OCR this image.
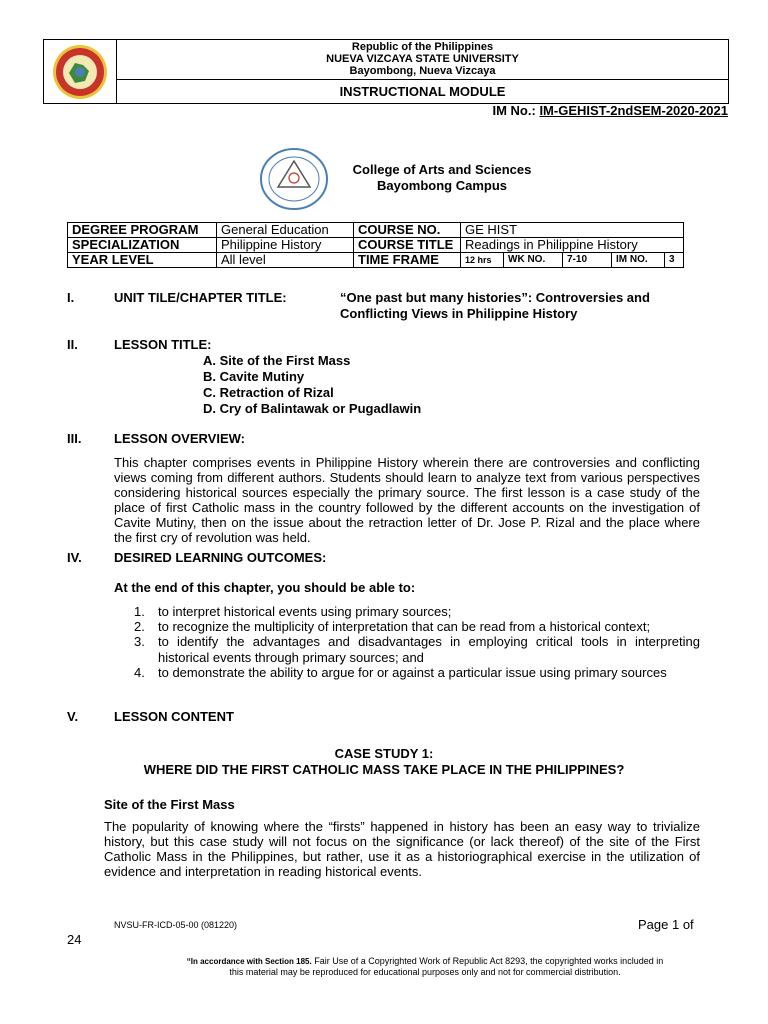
Republic of the Philippines
NUEVA VIZCAYA STATE UNIVERSITY
Bayombong, Nueva Vizcaya
INSTRUCTIONAL MODULE
IM No.: IM-GEHIST-2ndSEM-2020-2021
College of Arts and Sciences
Bayombong Campus
DEGREE PROGRAM	General Education	COURSE NO.	GE HIST				
SPECIALIZATION	Philippine History	COURSE TITLE	Readings in Philippine History				
YEAR LEVEL	All level	TIME FRAME	12 hrs	WK NO.	7-10	IM NO.	3
I.	UNIT TILE/CHAPTER TITLE:	“One past but many histories”: Controversies and
Conflicting Views in Philippine History
II.	LESSON TITLE:
A. Site of the First Mass
B. Cavite Mutiny
C. Retraction of Rizal
D. Cry of Balintawak or Pugadlawin
III.	LESSON OVERVIEW:
This chapter comprises events in Philippine History wherein there are controversies and conflicting views coming from different authors. Students should learn to analyze text from various perspectives considering historical sources especially the primary source. The first lesson is a case study of the place of first Catholic mass in the country followed by the different accounts on the investigation of Cavite Mutiny, then on the issue about the retraction letter of Dr. Jose P. Rizal and the place where the first cry of revolution was held.
IV. DESIRED LEARNING OUTCOMES:
At the end of this chapter, you should be able to:
1. to interpret historical events using primary sources;
2. to recognize the multiplicity of interpretation that can be read from a historical context;
3. to identify the advantages and disadvantages in employing critical tools in interpreting historical events through primary sources; and
4. to demonstrate the ability to argue for or against a particular issue using primary sources
V.	LESSON CONTENT
CASE STUDY 1:
WHERE DID THE FIRST CATHOLIC MASS TAKE PLACE IN THE PHILIPPINES?
Site of the First Mass
The popularity of knowing where the “firsts” happened in history has been an easy way to trivialize history, but this case study will not focus on the significance (or lack thereof) of the site of the First Catholic Mass in the Philippines, but rather, use it as a historiographical exercise in the utilization of evidence and interpretation in reading historical events.
NVSU-FR-ICD-05-00 (081220)	Page 1 of
24
“In accordance with Section 185. Fair Use of a Copyrighted Work of Republic Act 8293, the copyrighted works included in
this material may be reproduced for educational purposes only and not for commercial distribution.
